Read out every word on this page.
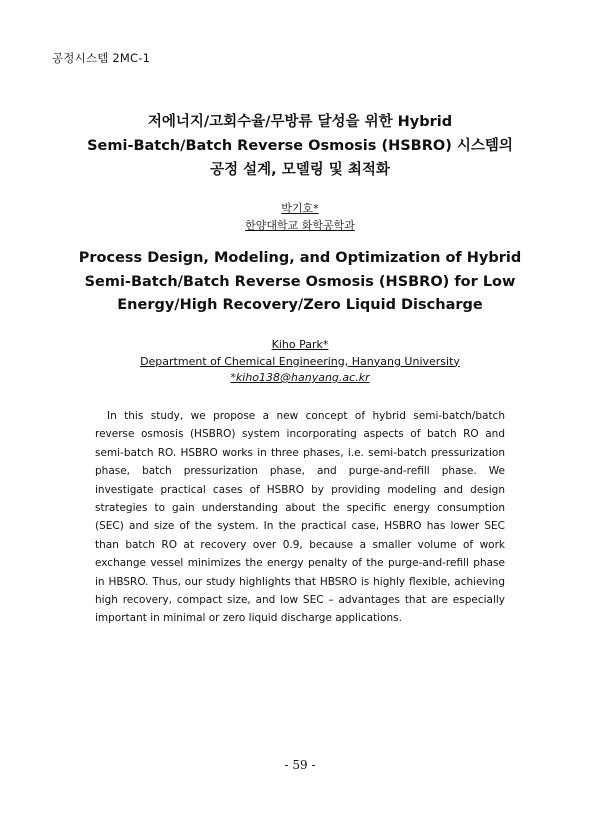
공정시스템 2MC-1
저에너지/고회수율/무방류 달성을 위한 Hybrid
Semi-Batch/Batch Reverse Osmosis (HSBRO) 시스템의
공정 설계, 모델링 및 최적화
박기호*
한양대학교 화학공학과
Process Design, Modeling, and Optimization of Hybrid
Semi-Batch/Batch Reverse Osmosis (HSBRO) for Low
Energy/High Recovery/Zero Liquid Discharge
Kiho Park*
Department of Chemical Engineering, Hanyang University
*kiho138@hanyang.ac.kr

In this study, we propose a new concept of hybrid semi-batch/batch reverse osmosis (HSBRO) system incorporating aspects of batch RO and semi-batch RO. HSBRO works in three phases, i.e. semi-batch pressurization phase, batch pressurization phase, and purge-and-refill phase. We investigate practical cases of HSBRO by providing modeling and design strategies to gain understanding about the specific energy consumption (SEC) and size of the system. In the practical case, HSBRO has lower SEC than batch RO at recovery over 0.9, because a smaller volume of work exchange vessel minimizes the energy penalty of the purge-and-refill phase in HBSRO. Thus, our study highlights that HBSRO is highly flexible, achieving high recovery, compact size, and low SEC – advantages that are especially important in minimal or zero liquid discharge applications.

- 59 -
